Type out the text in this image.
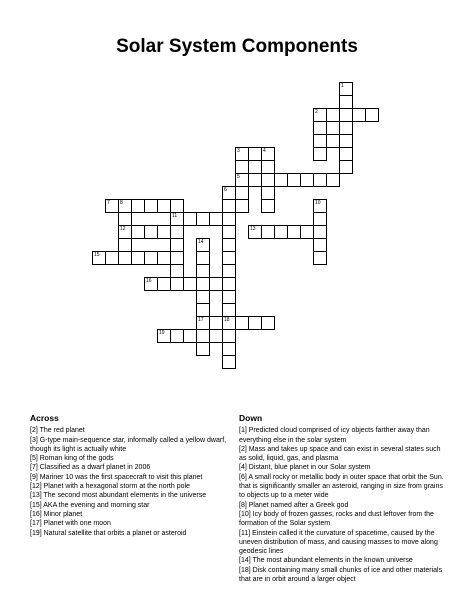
Solar System Components
1
2
3
5
4
6
18
7 8
12
11
10
13
14
17
15
16
19
Across

[2] The red planet

[3] G-type main-sequence star, informally called a yellow dwarf, though its light is actually white

[5] Roman king of the gods

[7] Classified as a dwarf planet in 2006

[9] Mariner 10 was the first spacecraft to visit this planet

[12] Planet with a hexagonal storm at the north pole

[13] The second most abundant elements in the universe

[15] AKA the evening and morning star

[16] Minor planet

[17] Planet with one moon

[19] Natural satellite that orbits a planet or asteroid

Down

[1] Predicted cloud comprised of icy objects farther away than everything else in the solar system

[2] Mass and takes up space and can exist in several states such as solid, liquid, gas, and plasma

[4] Distant, blue planet in our Solar system

[6] A small rocky or metallic body in outer space that orbit the Sun. that is significantly smaller an asteroid, ranging in size from grains to objects up to a meter wide

[8] Planet named after a Greek god

[10] Icy body of frozen gasses, rocks and dust leftover from the formation of the Solar system

[11] Einstein called it the curvature of spacetime, caused by the uneven distribution of mass, and causing masses to move along geodesic lines

[14] The most abundant elements in the known universe

[18] Disk containing many small chunks of ice and other materials that are in orbit around a larger object
